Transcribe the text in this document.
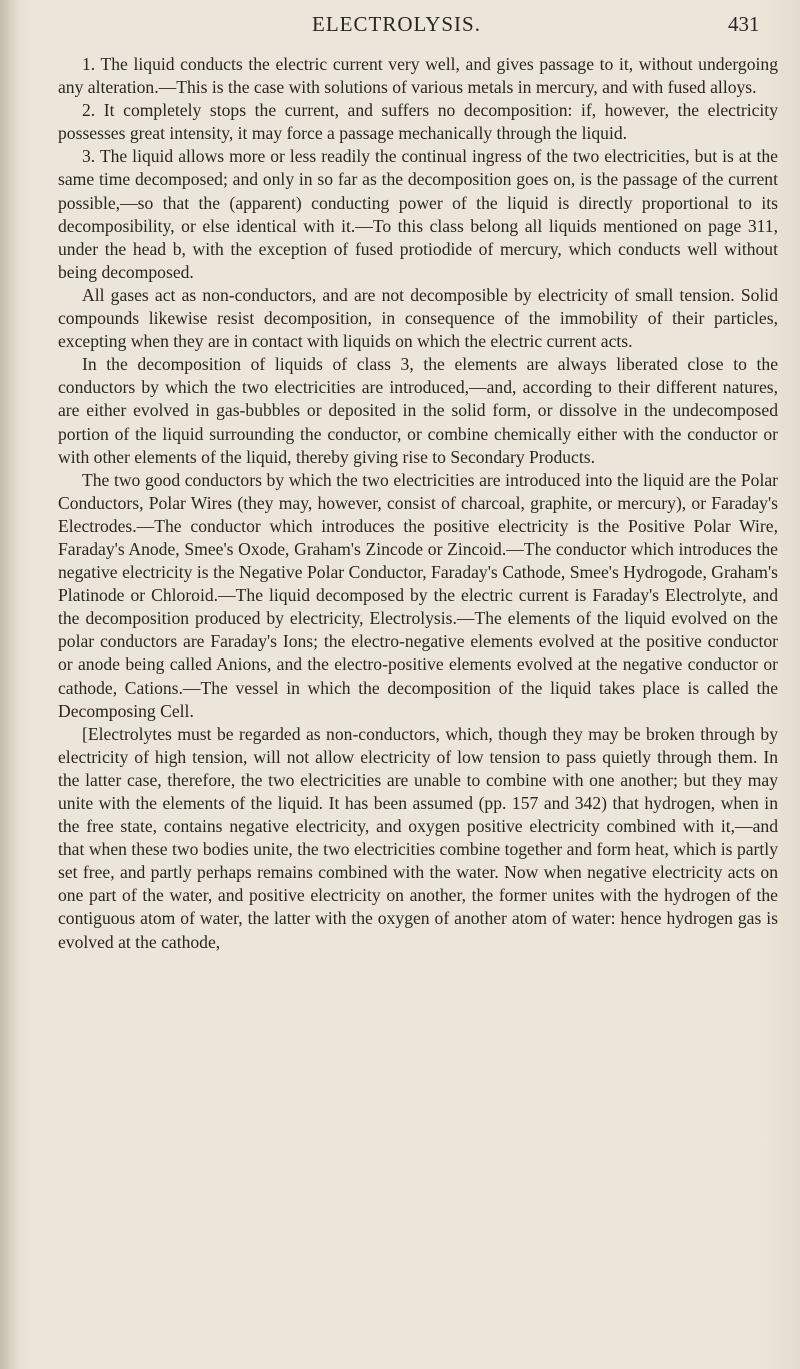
ELECTROLYSIS.	431

1. The liquid conducts the electric current very well, and gives passage to it, without undergoing any alteration.—This is the case with solutions of various metals in mercury, and with fused alloys.

2. It completely stops the current, and suffers no decomposition: if, however, the electricity possesses great intensity, it may force a passage mechanically through the liquid.

3. The liquid allows more or less readily the continual ingress of the two electricities, but is at the same time decomposed; and only in so far as the decomposition goes on, is the passage of the current possible,—so that the (apparent) conducting power of the liquid is directly proportional to its decomposibility, or else identical with it.—To this class belong all liquids mentioned on page 311, under the head b, with the exception of fused protiodide of mercury, which conducts well without being decomposed.

All gases act as non-conductors, and are not decomposible by electricity of small tension. Solid compounds likewise resist decomposition, in consequence of the immobility of their particles, excepting when they are in contact with liquids on which the electric current acts.

In the decomposition of liquids of class 3, the elements are always liberated close to the conductors by which the two electricities are introduced,—and, according to their different natures, are either evolved in gas-bubbles or deposited in the solid form, or dissolve in the undecomposed portion of the liquid surrounding the conductor, or combine chemically either with the conductor or with other elements of the liquid, thereby giving rise to Secondary Products.

The two good conductors by which the two electricities are introduced into the liquid are the Polar Conductors, Polar Wires (they may, however, consist of charcoal, graphite, or mercury), or Faraday's Electrodes.—The conductor which introduces the positive electricity is the Positive Polar Wire, Faraday's Anode, Smee's Oxode, Graham's Zincode or Zincoid.—The conductor which introduces the negative electricity is the Negative Polar Conductor, Faraday's Cathode, Smee's Hydrogode, Graham's Platinode or Chloroid.—The liquid decomposed by the electric current is Faraday's Electrolyte, and the decomposition produced by electricity, Electrolysis.—The elements of the liquid evolved on the polar conductors are Faraday's Ions; the electro-negative elements evolved at the positive conductor or anode being called Anions, and the electro-positive elements evolved at the negative conductor or cathode, Cations.—The vessel in which the decomposition of the liquid takes place is called the Decomposing Cell.

[Electrolytes must be regarded as non-conductors, which, though they may be broken through by electricity of high tension, will not allow electricity of low tension to pass quietly through them. In the latter case, therefore, the two electricities are unable to combine with one another; but they may unite with the elements of the liquid. It has been assumed (pp. 157 and 342) that hydrogen, when in the free state, contains negative electricity, and oxygen positive electricity combined with it,—and that when these two bodies unite, the two electricities combine together and form heat, which is partly set free, and partly perhaps remains combined with the water. Now when negative electricity acts on one part of the water, and positive electricity on another, the former unites with the hydrogen of the contiguous atom of water, the latter with the oxygen of another atom of water: hence hydrogen gas is evolved at the cathode,
